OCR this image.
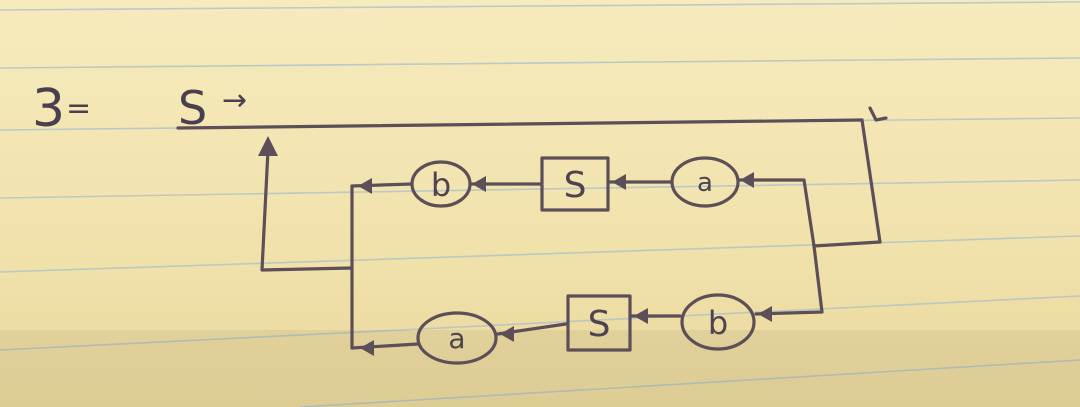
3 = S →
b	S	a
a	S	b
